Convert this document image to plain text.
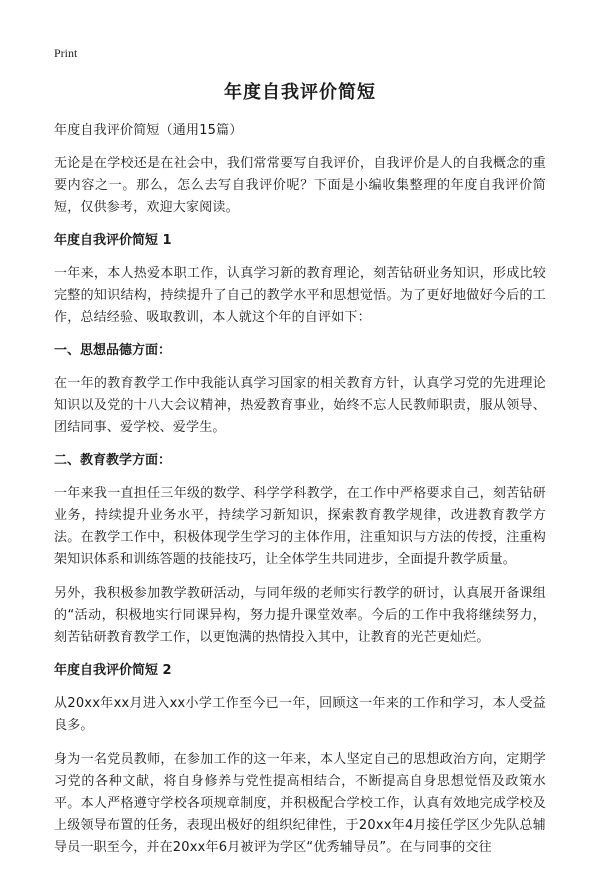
Print
年度自我评价简短

年度自我评价简短（通用15篇）

无论是在学校还是在社会中，我们常常要写自我评价，自我评价是人的自我概念的重要内容之一。那么，怎么去写自我评价呢？下面是小编收集整理的年度自我评价简短，仅供参考，欢迎大家阅读。

年度自我评价简短 1

一年来，本人热爱本职工作，认真学习新的教育理论，刻苦钻研业务知识，形成比较完整的知识结构，持续提升了自己的教学水平和思想觉悟。为了更好地做好今后的工作，总结经验、吸取教训，本人就这个年的自评如下：

一、思想品德方面：

在一年的教育教学工作中我能认真学习国家的相关教育方针，认真学习党的先进理论知识以及党的十八大会议精神，热爱教育事业，始终不忘人民教师职责，服从领导、团结同事、爱学校、爱学生。

二、教育教学方面：

一年来我一直担任三年级的数学、科学学科教学，在工作中严格要求自己，刻苦钻研业务，持续提升业务水平，持续学习新知识，探索教育教学规律，改进教育教学方法。在教学工作中，积极体现学生学习的主体作用，注重知识与方法的传授，注重构架知识体系和训练答题的技能技巧，让全体学生共同进步，全面提升教学质量。

另外，我积极参加教学教研活动，与同年级的老师实行教学的研讨，认真展开备课组的“活动，积极地实行同课异构，努力提升课堂效率。今后的工作中我将继续努力，刻苦钻研教育教学工作，以更饱满的热情投入其中，让教育的光芒更灿烂。

年度自我评价简短 2

从20xx年xx月进入xx小学工作至今已一年，回顾这一年来的工作和学习，本人受益良多。

身为一名党员教师，在参加工作的这一年来，本人坚定自己的思想政治方向，定期学习党的各种文献，将自身修养与党性提高相结合，不断提高自身思想觉悟及政策水平。本人严格遵守学校各项规章制度，并积极配合学校工作，认真有效地完成学校及上级领导布置的任务，表现出极好的组织纪律性，于20xx年4月接任学区少先队总辅导员一职至今，并在20xx年6月被评为学区“优秀辅导员”。在与同事的交往
